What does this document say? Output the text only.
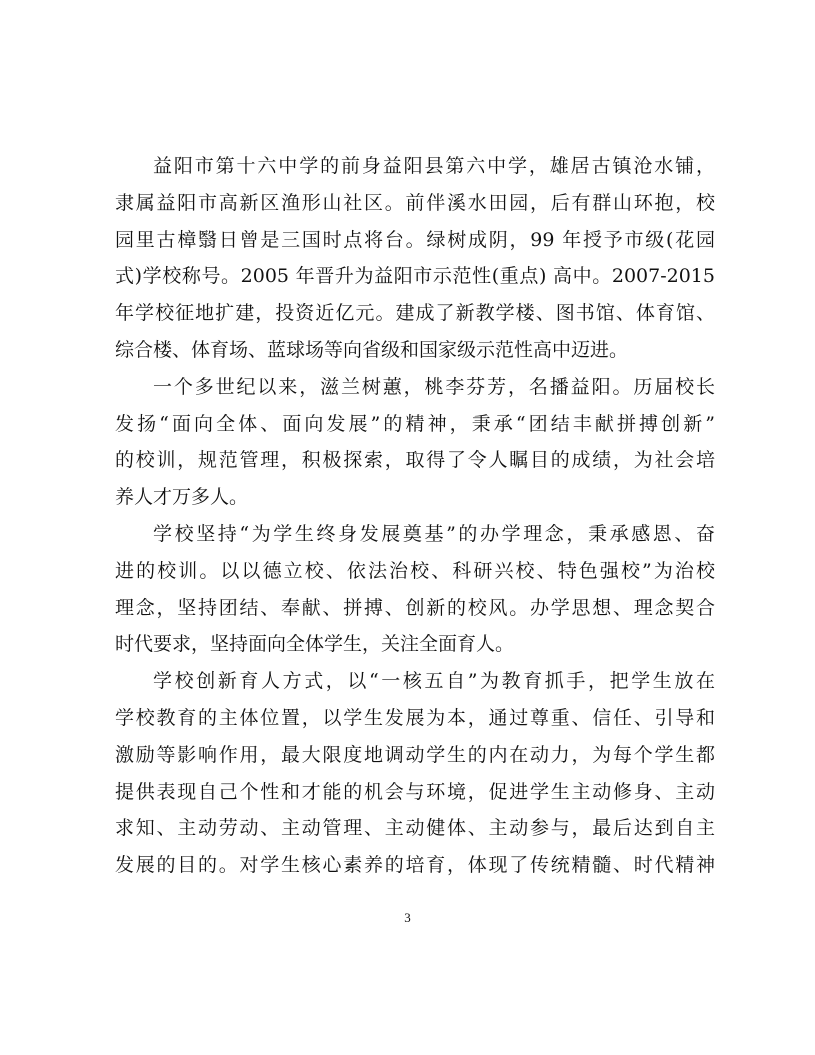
益阳市第十六中学的前身益阳县第六中学，雄居古镇沧水铺，
隶属益阳市高新区渔形山社区。前伴溪水田园，后有群山环抱，校
园里古樟翳日曾是三国时点将台。绿树成阴，99 年授予市级(花园
式)学校称号。2005 年晋升为益阳市示范性(重点) 高中。2007-2015
年学校征地扩建，投资近亿元。建成了新教学楼、图书馆、体育馆、
综合楼、体育场、蓝球场等向省级和国家级示范性高中迈进。
一个多世纪以来，滋兰树蕙，桃李芬芳，名播益阳。历届校长
发扬“面向全体、面向发展”的精神，秉承“团结丰献拼搏创新”
的校训，规范管理，积极探索，取得了令人瞩目的成绩，为社会培
养人才万多人。
学校坚持“为学生终身发展奠基”的办学理念，秉承感恩、奋
进的校训。以以德立校、依法治校、科研兴校、特色强校”为治校
理念，坚持团结、奉献、拼搏、创新的校风。办学思想、理念契合
时代要求，坚持面向全体学生，关注全面育人。
学校创新育人方式，以“一核五自”为教育抓手，把学生放在
学校教育的主体位置，以学生发展为本，通过尊重、信任、引导和
激励等影响作用，最大限度地调动学生的内在动力，为每个学生都
提供表现自己个性和才能的机会与环境，促进学生主动修身、主动
求知、主动劳动、主动管理、主动健体、主动参与，最后达到自主
发展的目的。对学生核心素养的培育，体现了传统精髓、时代精神
3
